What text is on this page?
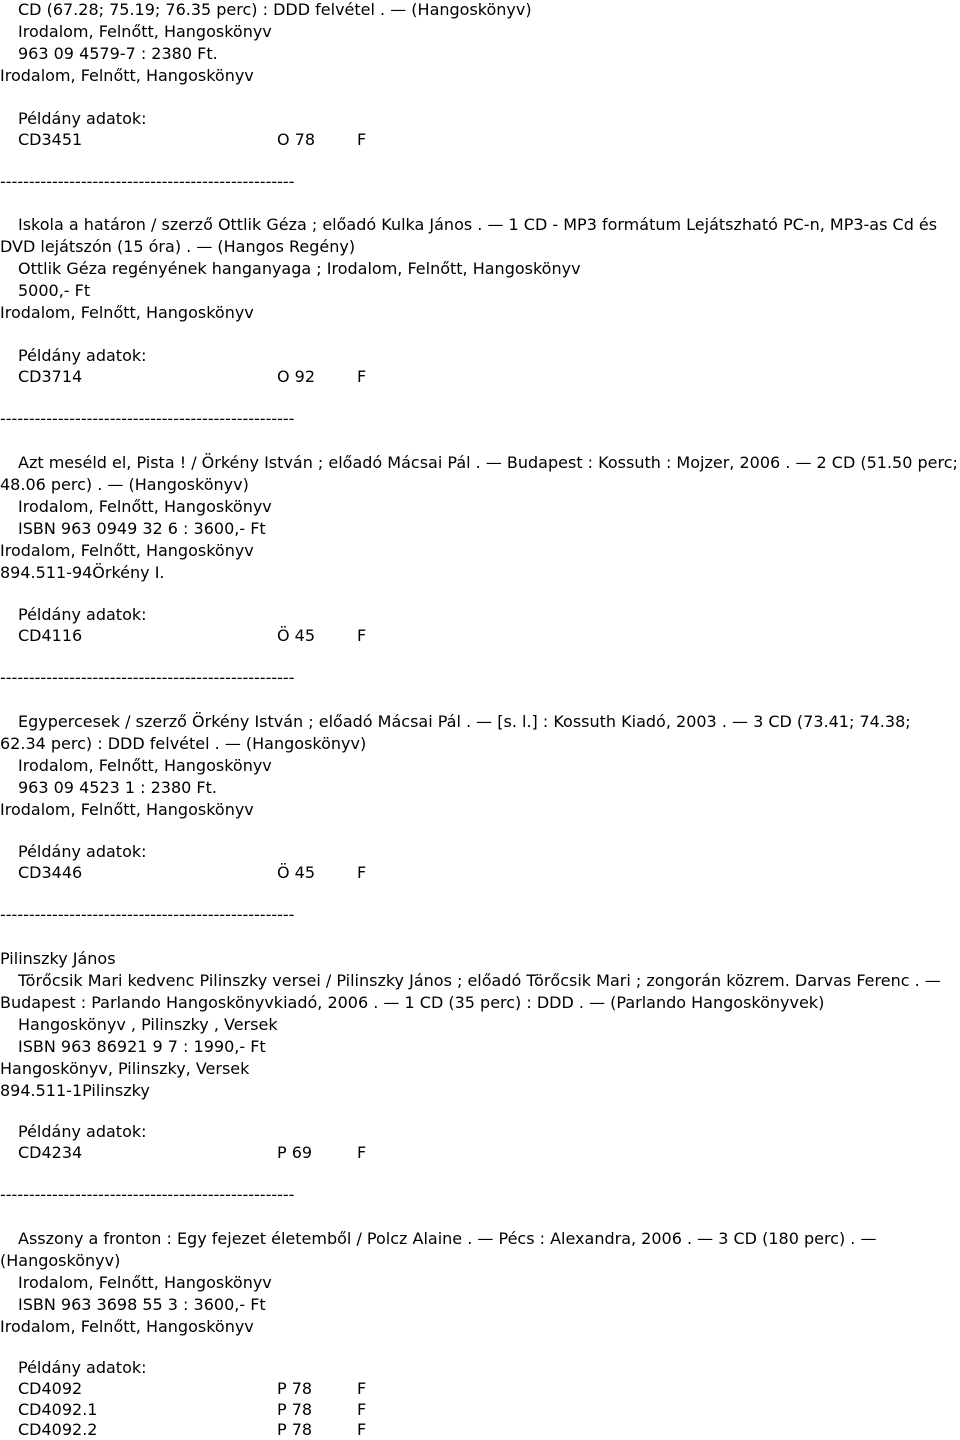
CD (67.28; 75.19; 76.35 perc) : DDD felvétel . — (Hangoskönyv)
Irodalom, Felnőtt, Hangoskönyv
963 09 4579-7 : 2380 Ft.
Irodalom, Felnőtt, Hangoskönyv
Példány adatok:
CD3451	O 78	F
---------------------------------------------------
Iskola a határon / szerző Ottlik Géza ; előadó Kulka János . — 1 CD - MP3 formátum Lejátszható PC-n, MP3-as Cd és
DVD lejátszón (15 óra) . — (Hangos Regény)
Ottlik Géza regényének hanganyaga ; Irodalom, Felnőtt, Hangoskönyv
5000,- Ft
Irodalom, Felnőtt, Hangoskönyv
Példány adatok:
CD3714	O 92	F
---------------------------------------------------
Azt meséld el, Pista ! / Örkény István ; előadó Mácsai Pál . — Budapest : Kossuth : Mojzer, 2006 . — 2 CD (51.50 perc;
48.06 perc) . — (Hangoskönyv)
Irodalom, Felnőtt, Hangoskönyv
ISBN 963 0949 32 6 : 3600,- Ft
Irodalom, Felnőtt, Hangoskönyv
894.511-94Örkény I.
Példány adatok:
CD4116	Ö 45	F
---------------------------------------------------
Egypercesek / szerző Örkény István ; előadó Mácsai Pál . — [s. l.] : Kossuth Kiadó, 2003 . — 3 CD (73.41; 74.38;
62.34 perc) : DDD felvétel . — (Hangoskönyv)
Irodalom, Felnőtt, Hangoskönyv
963 09 4523 1 : 2380 Ft.
Irodalom, Felnőtt, Hangoskönyv
Példány adatok:
CD3446	Ö 45	F
---------------------------------------------------
Pilinszky János
Törőcsik Mari kedvenc Pilinszky versei / Pilinszky János ; előadó Törőcsik Mari ; zongorán közrem. Darvas Ferenc . —
Budapest : Parlando Hangoskönyvkiadó, 2006 . — 1 CD (35 perc) : DDD . — (Parlando Hangoskönyvek)
Hangoskönyv , Pilinszky , Versek
ISBN 963 86921 9 7 : 1990,- Ft
Hangoskönyv, Pilinszky, Versek
894.511-1Pilinszky
Példány adatok:
CD4234	P 69	F
---------------------------------------------------
Asszony a fronton : Egy fejezet életemből / Polcz Alaine . — Pécs : Alexandra, 2006 . — 3 CD (180 perc) . —
(Hangoskönyv)
Irodalom, Felnőtt, Hangoskönyv
ISBN 963 3698 55 3 : 3600,- Ft
Irodalom, Felnőtt, Hangoskönyv
Példány adatok:
CD4092	P 78	F
CD4092.1	P 78	F
CD4092.2	P 78	F
